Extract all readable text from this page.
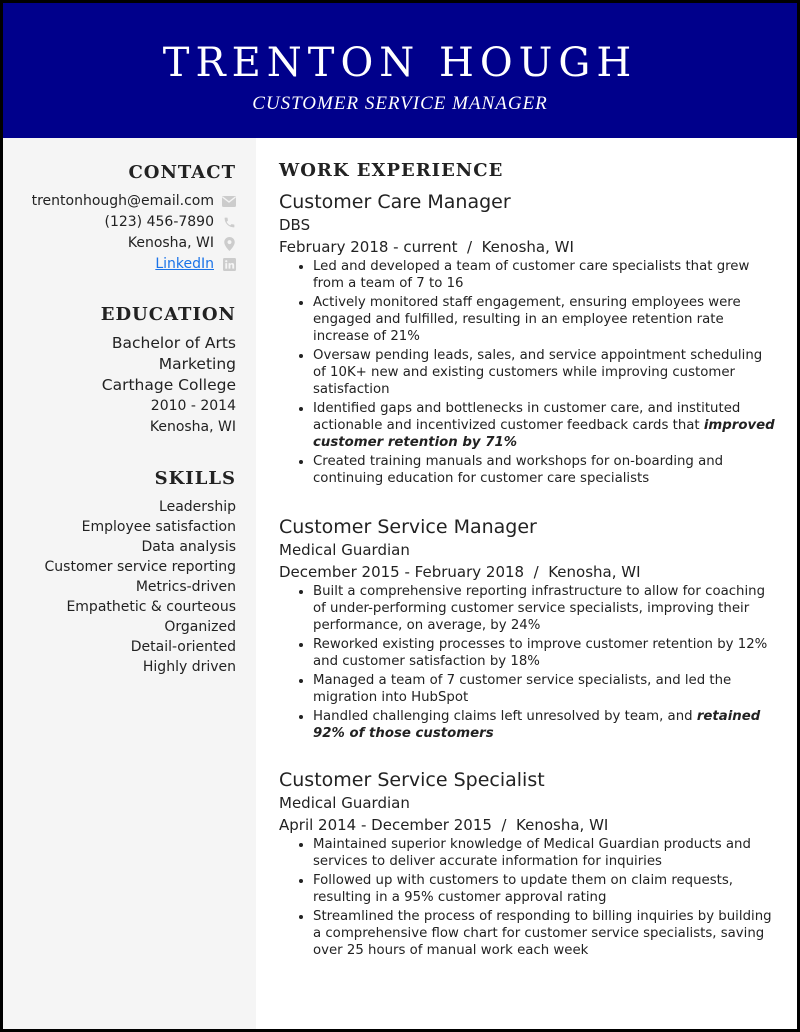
TRENTON HOUGH
CUSTOMER SERVICE MANAGER
CONTACT
trentonhough@email.com
(123) 456-7890
Kenosha, WI
LinkedIn
EDUCATION
Bachelor of Arts
Marketing
Carthage College
2010 - 2014
Kenosha, WI
SKILLS
Leadership
Employee satisfaction
Data analysis
Customer service reporting
Metrics-driven
Empathetic & courteous
Organized
Detail-oriented
Highly driven
WORK EXPERIENCE
Customer Care Manager
DBS
February 2018 - current  /  Kenosha, WI
• Led and developed a team of customer care specialists that grew from a team of 7 to 16
• Actively monitored staff engagement, ensuring employees were engaged and fulfilled, resulting in an employee retention rate increase of 21%
• Oversaw pending leads, sales, and service appointment scheduling of 10K+ new and existing customers while improving customer satisfaction
• Identified gaps and bottlenecks in customer care, and instituted actionable and incentivized customer feedback cards that improved customer retention by 71%
• Created training manuals and workshops for on-boarding and continuing education for customer care specialists
Customer Service Manager
Medical Guardian
December 2015 - February 2018  /  Kenosha, WI
• Built a comprehensive reporting infrastructure to allow for coaching of under-performing customer service specialists, improving their performance, on average, by 24%
• Reworked existing processes to improve customer retention by 12% and customer satisfaction by 18%
• Managed a team of 7 customer service specialists, and led the migration into HubSpot
• Handled challenging claims left unresolved by team, and retained 92% of those customers
Customer Service Specialist
Medical Guardian
April 2014 - December 2015  /  Kenosha, WI
• Maintained superior knowledge of Medical Guardian products and services to deliver accurate information for inquiries
• Followed up with customers to update them on claim requests, resulting in a 95% customer approval rating
• Streamlined the process of responding to billing inquiries by building a comprehensive flow chart for customer service specialists, saving over 25 hours of manual work each week
